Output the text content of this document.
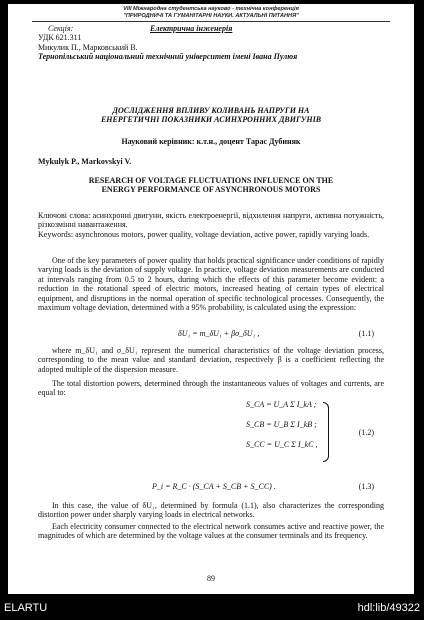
VIII Міжнародна студентська науково - технічна конференція
"ПРИРОДНИЧІ ТА ГУМАНІТАРНІ НАУКИ. АКТУАЛЬНІ ПИТАННЯ"
Секція:	Електрична інженерія
УДК 621.311
Микулик П., Марковський В.
Тернопільський національний технічний університет імені Івана Пулюя
ДОСЛІДЖЕННЯ ВПЛИВУ КОЛИВАНЬ НАПРУГИ НА
ЕНЕРГЕТИЧНІ ПОКАЗНИКИ АСИНХРОННИХ ДВИГУНІВ
Науковий керівник: к.т.н., доцент Тарас Дубиняк
Mykulyk P., Markovskyi V.
RESEARCH OF VOLTAGE FLUCTUATIONS INFLUENCE ON THE
ENERGY PERFORMANCE OF ASYNCHRONOUS MOTORS
Ключові слова: асинхронні двигуни, якість електроенергії, відхилення напруги, активна потужність, різкозмінні навантаження.
Keywords: asynchronous motors, power quality, voltage deviation, active power, rapidly varying loads.
One of the key parameters of power quality that holds practical significance under conditions of rapidly varying loads is the deviation of supply voltage. In practice, voltage deviation measurements are conducted at intervals ranging from 0.5 to 2 hours, during which the effects of this parameter become evident: a reduction in the rotational speed of electric motors, increased heating of certain types of electrical equipment, and disruptions in the normal operation of specific technological processes. Consequently, the maximum voltage deviation, determined with a 95% probability, is calculated using the expression:
δU₁ = m_δU₁ + βσ_δU₁ ,	(1.1)
where m_δU₁ and σ_δU₁ represent the numerical characteristics of the voltage deviation process, corresponding to the mean value and standard deviation, respectively β is a coefficient reflecting the adopted multiple of the dispersion measure.
The total distortion powers, determined through the instantaneous values of voltages and currents, are equal to:
S_CA = U_A Σ I_kA ;
S_CB = U_B Σ I_kB ;
S_CC = U_C Σ I_kC ,
(1.2)
P_i = R_C · (S_CA + S_CB + S_CC) .	(1.3)
In this case, the value of δU₁, determined by formula (1.1), also characterizes the corresponding distortion power under sharply varying loads in electrical networks.
Each electricity consumer connected to the electrical network consumes active and reactive power, the magnitudes of which are determined by the voltage values at the consumer terminals and its frequency.
89
ELARTU	hdl:lib/49322
